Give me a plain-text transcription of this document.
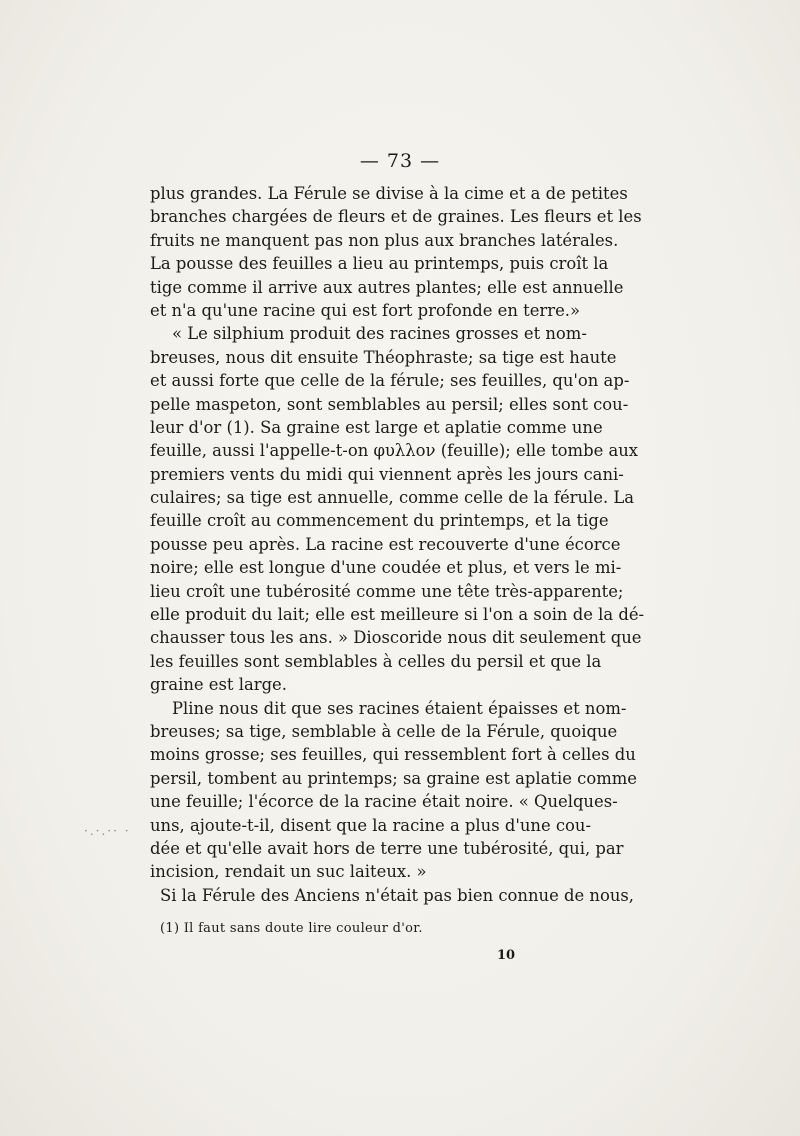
— 73 —
plus grandes. La Férule se divise à la cime et a de petites
branches chargées de fleurs et de graines. Les fleurs et les
fruits ne manquent pas non plus aux branches latérales.
La pousse des feuilles a lieu au printemps, puis croît la
tige comme il arrive aux autres plantes; elle est annuelle
et n'a qu'une racine qui est fort profonde en terre.»
« Le silphium produit des racines grosses et nom-
breuses, nous dit ensuite Théophraste; sa tige est haute
et aussi forte que celle de la férule; ses feuilles, qu'on ap-
pelle maspeton, sont semblables au persil; elles sont cou-
leur d'or (1). Sa graine est large et aplatie comme une
feuille, aussi l'appelle-t-on φυλλον (feuille); elle tombe aux
premiers vents du midi qui viennent après les jours cani-
culaires; sa tige est annuelle, comme celle de la férule. La
feuille croît au commencement du printemps, et la tige
pousse peu après. La racine est recouverte d'une écorce
noire; elle est longue d'une coudée et plus, et vers le mi-
lieu croît une tubérosité comme une tête très-apparente;
elle produit du lait; elle est meilleure si l'on a soin de la dé-
chausser tous les ans. » Dioscoride nous dit seulement que
les feuilles sont semblables à celles du persil et que la
graine est large.
Pline nous dit que ses racines étaient épaisses et nom-
breuses; sa tige, semblable à celle de la Férule, quoique
moins grosse; ses feuilles, qui ressemblent fort à celles du
persil, tombent au printemps; sa graine est aplatie comme
une feuille; l'écorce de la racine était noire. « Quelques-
uns, ajoute-t-il, disent que la racine a plus d'une cou-
dée et qu'elle avait hors de terre une tubérosité, qui, par
incision, rendait un suc laiteux. »
Si la Férule des Anciens n'était pas bien connue de nous,
·.·.·· ·
(1) Il faut sans doute lire couleur d'or.
10
